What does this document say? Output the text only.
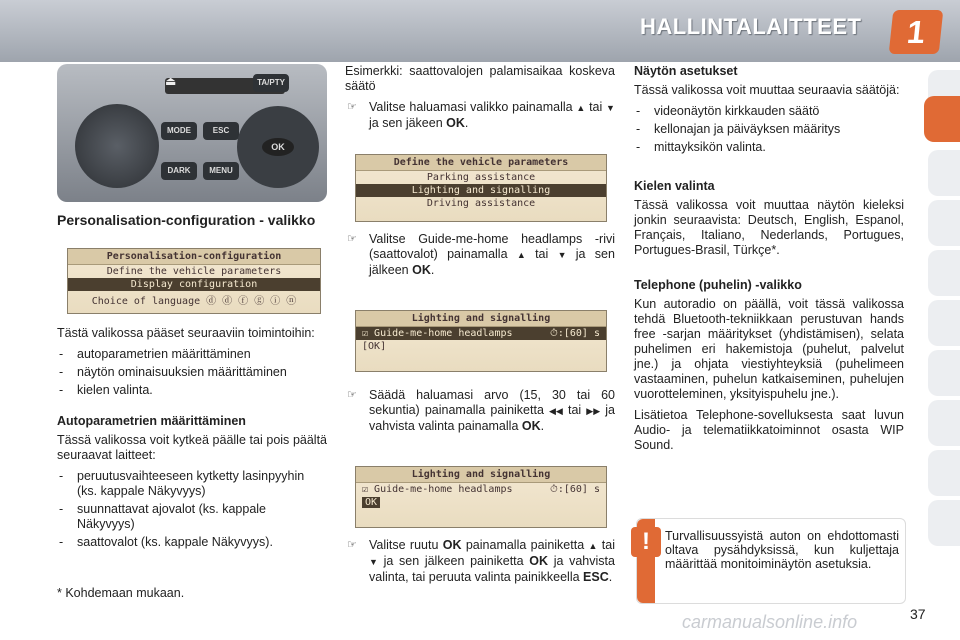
HALLINTALAITTEET	1
⏏	TA/PTY
MODE
DARK
ESC
MENU
OK
Personalisation-configuration - valikko
Personalisation-configuration
Define the vehicle parameters
Display configuration
Choice of language ⓓ ⓓ ⓕ ⓖ ⓘ ⓝ

Tästä valikossa pääset seuraaviin toimintoihin:

- autoparametrien määrittäminen
- näytön ominaisuuksien määrittäminen
- kielen valinta.
Autoparametrien määrittäminen

Tässä valikossa voit kytkeä päälle tai pois päältä seuraavat laitteet:

- peruutusvaihteeseen kytketty lasinpyyhin (ks. kappale Näkyvyys)
- suunnattavat ajovalot (ks. kappale Näkyvyys)
- saattovalot (ks. kappale Näkyvyys).

* Kohdemaan mukaan.

Esimerkki: saattovalojen palamisaikaa koskeva säätö

☞ Valitse haluamasi valikko painamalla ▲ tai ▼ ja sen jäkeen OK.
Define the vehicle parameters
Parking assistance
Lighting and signalling
Driving assistance
☞ Valitse Guide-me-home headlamps -rivi (saattovalot) painamalla ▲ tai ▼ ja sen jälkeen OK.
Lighting and signalling
☑ Guide-me-home headlamps	⏱:[60] s
[OK]
☞ Säädä haluamasi arvo (15, 30 tai 60 sekuntia) painamalla painiketta ◀◀ tai ▶▶ ja vahvista valinta painamalla OK.
Lighting and signalling
☑ Guide-me-home headlamps	⏱:[60] s
OK
☞ Valitse ruutu OK painamalla painiketta ▲ tai ▼ ja sen jälkeen painiketta OK ja vahvista valinta, tai peruuta valinta painikkeella ESC.
Näytön asetukset

Tässä valikossa voit muuttaa seuraavia säätöjä:

- videonäytön kirkkauden säätö
- kellonajan ja päiväyksen määritys
- mittayksikön valinta.
Kielen valinta

Tässä valikossa voit muuttaa näytön kieleksi jonkin seuraavista: Deutsch, English, Espanol, Français, Italiano, Nederlands, Portugues, Portugues-Brasil, Türkçe*.

Telephone (puhelin) -valikko

Kun autoradio on päällä, voit tässä valikossa tehdä Bluetooth-tekniikkaan perustuvan hands free -sarjan määritykset (yhdistämisen), selata puhelimen eri hakemistoja (puhelut, palvelut jne.) ja ohjata viestiyhteyksiä (puhelimeen vastaaminen, puhelun katkaiseminen, puhelujen vuorotteleminen, yksityispuhelu jne.).

Lisätietoa Telephone-sovelluksesta saat luvun Audio- ja telematiikkatoiminnot osasta WIP Sound.

!	Turvallisuussyistä auton on ehdottomasti oltava pysähdyksissä, kun kuljettaja määrittää monitoiminäytön asetuksia.
carmanualsonline.info	37
